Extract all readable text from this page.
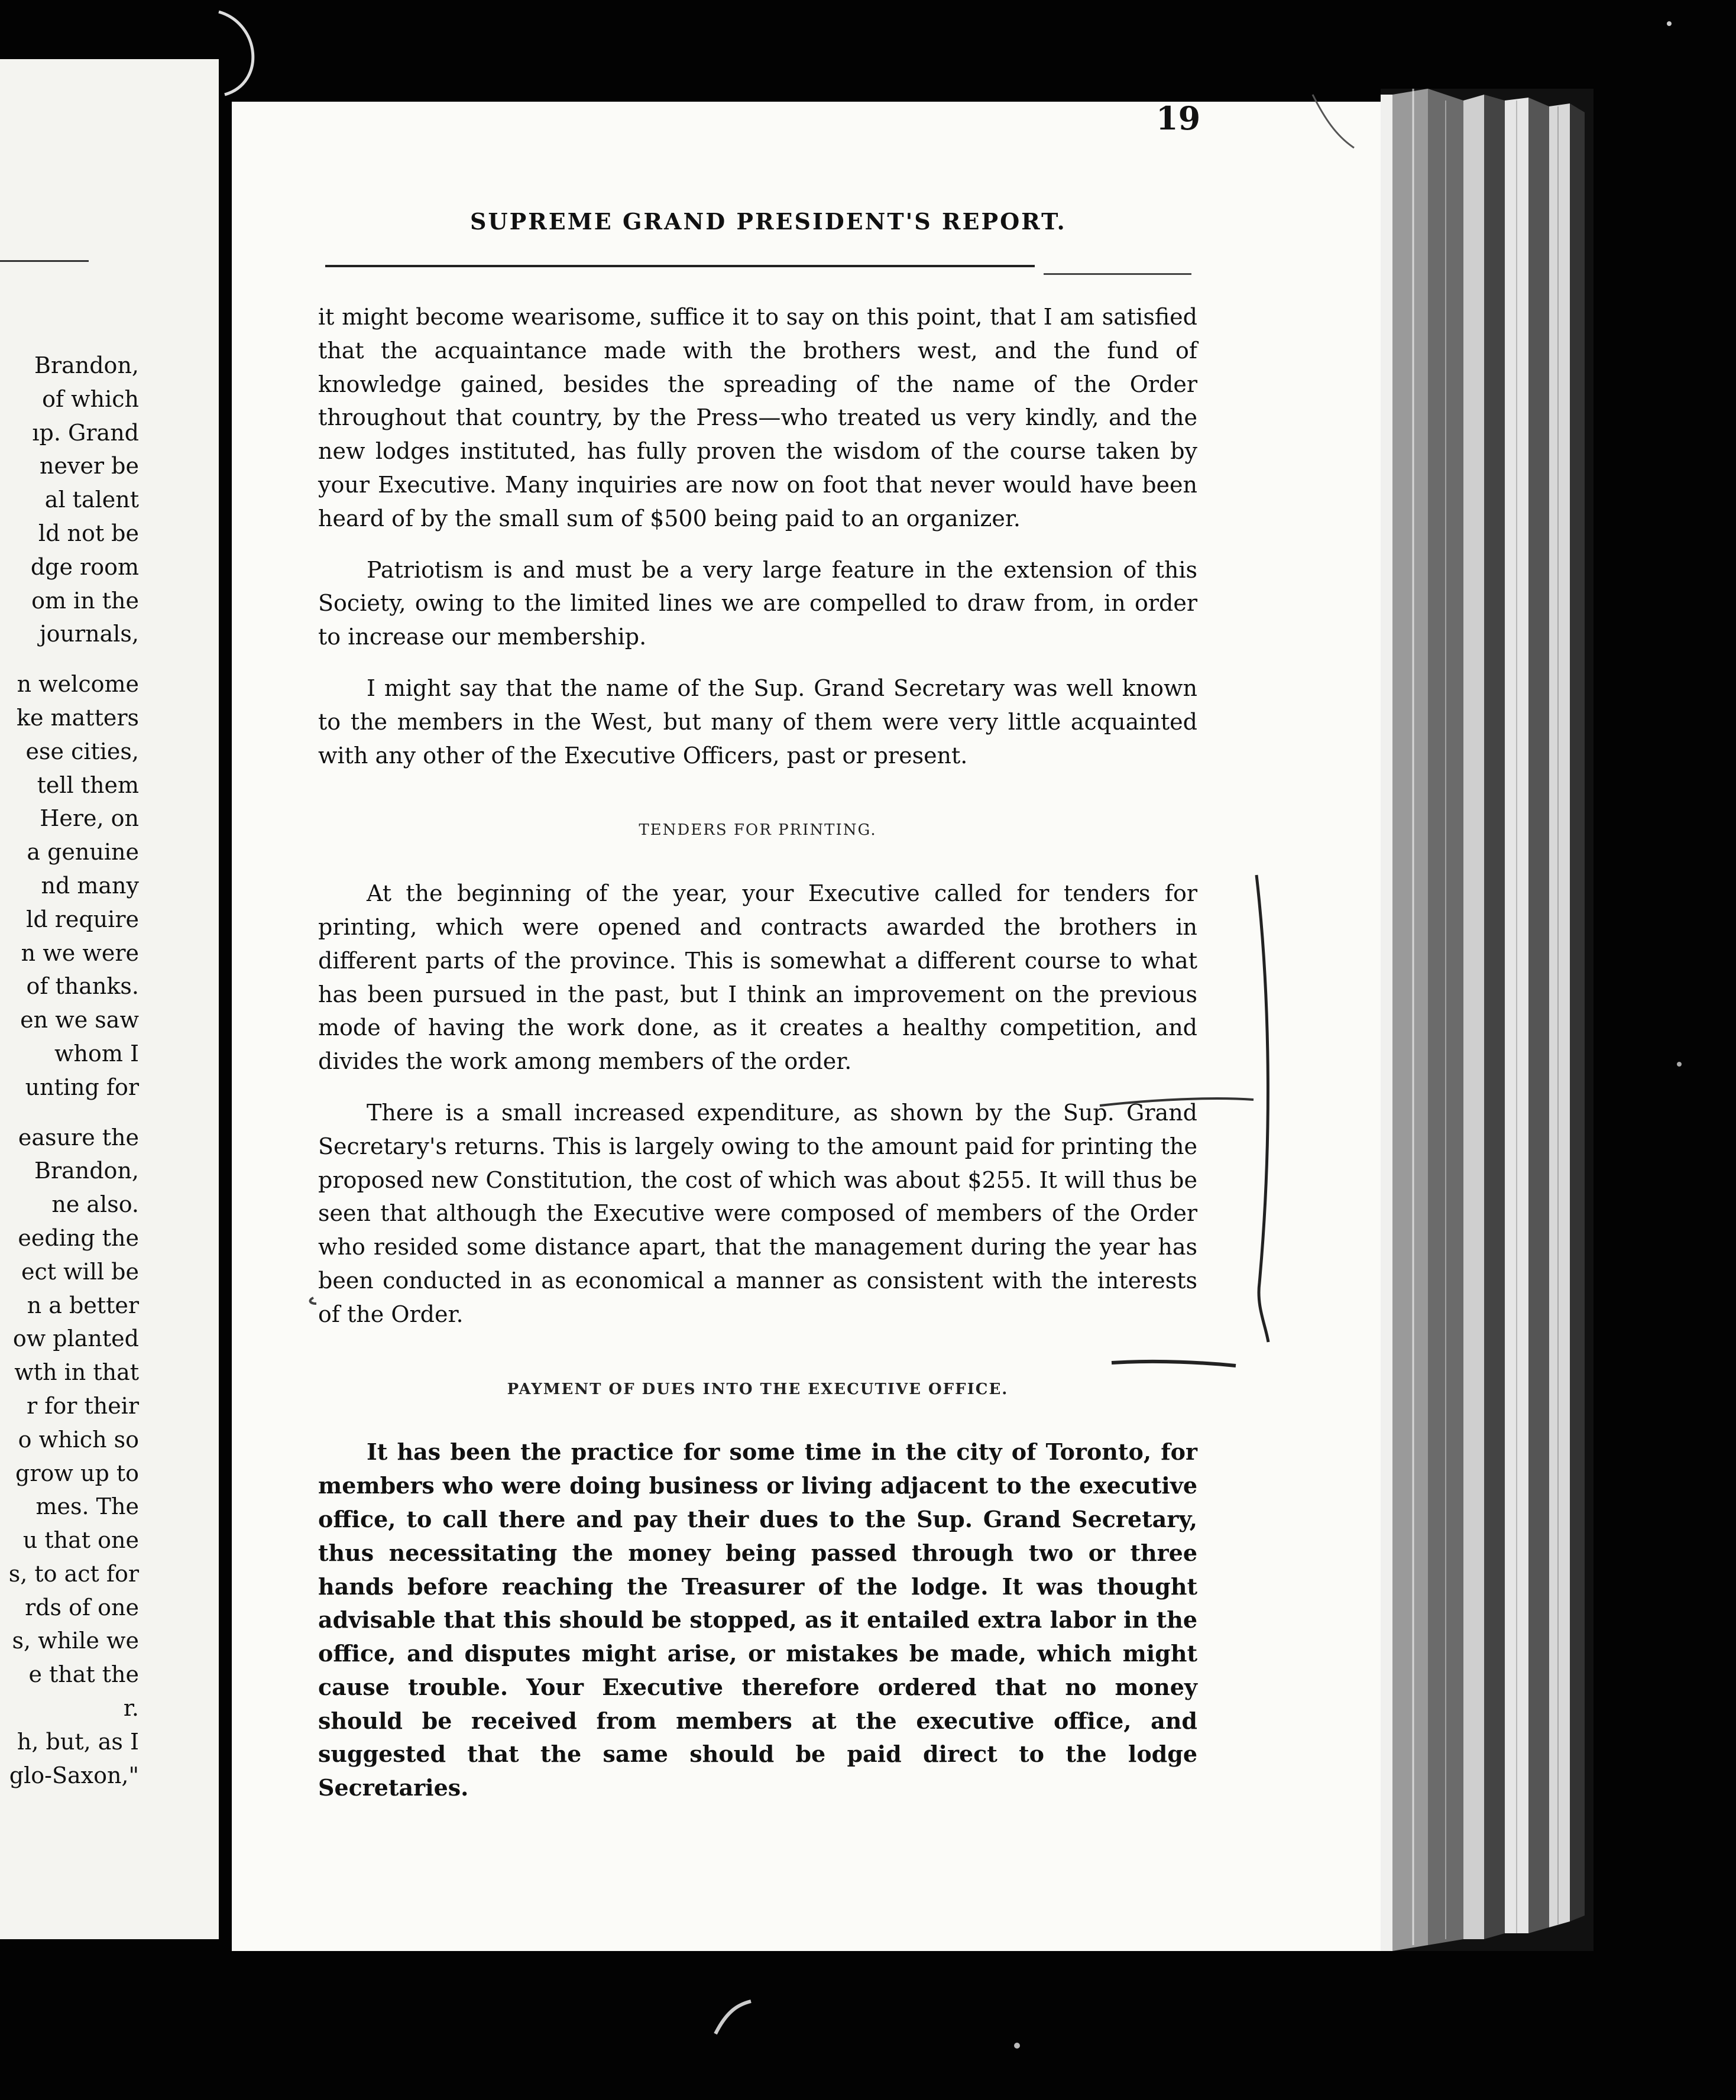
Brandon,
of which
ıp. Grand
never be
al talent
ld not be
dge room
om in the
journals,
n welcome
ke matters
ese cities,
tell them
Here, on
a genuine
nd many
ld require
n we were
of thanks.
en we saw
whom I
unting for
easure the
Brandon,
ne also.
eeding the
ect will be
n a better
ow planted
wth in that
r for their
o which so
grow up to
mes. The
u that one
s, to act for
rds of one
s, while we
e that the
r.
h, but, as I
glo-Saxon,"
SUPREME GRAND PRESIDENT'S REPORT.
19

it might become wearisome, suffice it to say on this point, that I am satisfied that the acquaintance made with the brothers west, and the fund of knowledge gained, besides the spreading of the name of the Order throughout that country, by the Press—who treated us very kindly, and the new lodges instituted, has fully proven the wisdom of the course taken by your Executive. Many inquiries are now on foot that never would have been heard of by the small sum of $500 being paid to an organizer.

Patriotism is and must be a very large feature in the extension of this Society, owing to the limited lines we are compelled to draw from, in order to increase our membership.

I might say that the name of the Sup. Grand Secretary was well known to the members in the West, but many of them were very little acquainted with any other of the Executive Officers, past or present.

TENDERS FOR PRINTING.

At the beginning of the year, your Executive called for tenders for printing, which were opened and contracts awarded the brothers in different parts of the province. This is somewhat a different course to what has been pursued in the past, but I think an improvement on the previous mode of having the work done, as it creates a healthy competition, and divides the work among members of the order.

There is a small increased expenditure, as shown by the Sup. Grand Secretary's returns. This is largely owing to the amount paid for printing the proposed new Constitution, the cost of which was about $255. It will thus be seen that although the Executive were composed of members of the Order who resided some distance apart, that the management during the year has been conducted in as economical a manner as consistent with the interests of the Order.

PAYMENT OF DUES INTO THE EXECUTIVE OFFICE.

It has been the practice for some time in the city of Toronto, for members who were doing business or living adjacent to the executive office, to call there and pay their dues to the Sup. Grand Secretary, thus necessitating the money being passed through two or three hands before reaching the Treasurer of the lodge. It was thought advisable that this should be stopped, as it entailed extra labor in the office, and disputes might arise, or mistakes be made, which might cause trouble. Your Executive therefore ordered that no money should be received from members at the executive office, and suggested that the same should be paid direct to the lodge Secretaries.
